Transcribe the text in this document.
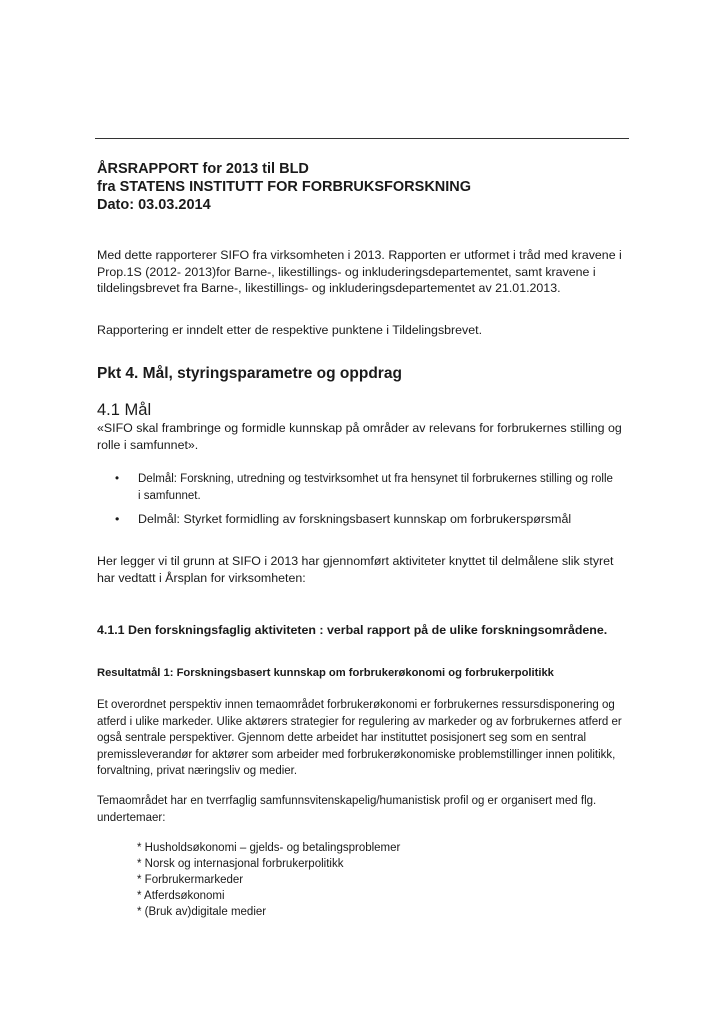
ÅRSRAPPORT for 2013 til BLD
fra STATENS INSTITUTT FOR FORBRUKSFORSKNING
Dato: 03.03.2014

Med dette rapporterer SIFO fra virksomheten i 2013. Rapporten er utformet i tråd med kravene i Prop.1S (2012- 2013)for Barne-, likestillings- og inkluderingsdepartementet, samt kravene i tildelingsbrevet fra Barne-, likestillings- og inkluderingsdepartementet av 21.01.2013.

Rapportering er inndelt etter de respektive punktene i Tildelingsbrevet.

Pkt 4. Mål, styringsparametre og oppdrag
4.1 Mål

«SIFO skal frambringe og formidle kunnskap på områder av relevans for forbrukernes stilling og rolle i samfunnet».

• Delmål: Forskning, utredning og testvirksomhet ut fra hensynet til forbrukernes stilling og rolle i samfunnet.
• Delmål: Styrket formidling av forskningsbasert kunnskap om forbrukerspørsmål

Her legger vi til grunn at SIFO i 2013 har gjennomført aktiviteter knyttet til delmålene slik styret har vedtatt i Årsplan for virksomheten:

4.1.1 Den forskningsfaglig aktiviteten : verbal rapport på de ulike forskningsområdene.
Resultatmål 1: Forskningsbasert kunnskap om forbrukerøkonomi og forbrukerpolitikk

Et overordnet perspektiv innen temaområdet forbrukerøkonomi er forbrukernes ressursdisponering og atferd i ulike markeder. Ulike aktørers strategier for regulering av markeder og av forbrukernes atferd er også sentrale perspektiver. Gjennom dette arbeidet har instituttet posisjonert seg som en sentral premissleverandør for aktører som arbeider med forbrukerøkonomiske problemstillinger innen politikk, forvaltning, privat næringsliv og medier.

Temaområdet har en tverrfaglig samfunnsvitenskapelig/humanistisk profil og er organisert med flg. undertemaer:

* Husholdsøkonomi – gjelds- og betalingsproblemer
* Norsk og internasjonal forbrukerpolitikk
* Forbrukermarkeder
* Atferdsøkonomi
* (Bruk av)digitale medier
